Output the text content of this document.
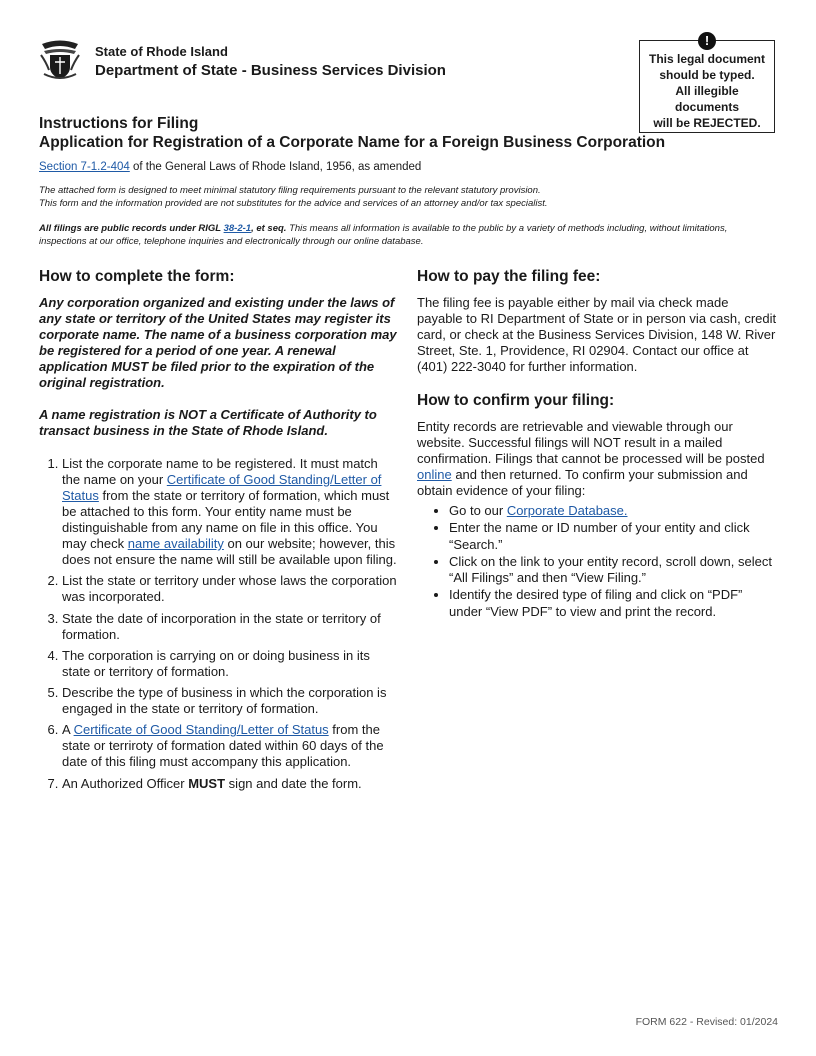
State of Rhode Island
Department of State - Business Services Division
!
This legal document
should be typed.
All illegible
documents
will be REJECTED.
Instructions for Filing
Application for Registration of a Corporate Name for a Foreign Business Corporation
Section 7-1.2-404 of the General Laws of Rhode Island, 1956, as amended
The attached form is designed to meet minimal statutory filing requirements pursuant to the relevant statutory provision.
This form and the information provided are not substitutes for the advice and services of an attorney and/or tax specialist.
All filings are public records under RIGL 38-2-1, et seq. This means all information is available to the public by a variety of methods including, without limitations, inspections at our office, telephone inquiries and electronically through our online database.
How to complete the form:

Any corporation organized and existing under the laws of any state or territory of the United States may register its corporate name. The name of a business corporation may be registered for a period of one year. A renewal application MUST be filed prior to the expiration of the original registration.

A name registration is NOT a Certificate of Authority to transact business in the State of Rhode Island.

1. List the corporate name to be registered. It must match the name on your Certificate of Good Standing/Letter of Status from the state or territory of formation, which must be attached to this form. Your entity name must be distinguishable from any name on file in this office. You may check name availability on our website; however, this does not ensure the name will still be available upon filing.
2. List the state or territory under whose laws the corporation was incorporated.
3. State the date of incorporation in the state or territory of formation.
4. The corporation is carrying on or doing business in its state or territory of formation.
5. Describe the type of business in which the corporation is engaged in the state or territory of formation.
6. A Certificate of Good Standing/Letter of Status from the state or terriroty of formation dated within 60 days of the date of this filing must accompany this application.
7. An Authorized Officer MUST sign and date the form.
How to pay the filing fee:

The filing fee is payable either by mail via check made payable to RI Department of State or in person via cash, credit card, or check at the Business Services Division, 148 W. River Street, Ste. 1, Providence, RI 02904. Contact our office at (401) 222-3040 for further information.

How to confirm your filing:

Entity records are retrievable and viewable through our website. Successful filings will NOT result in a mailed confirmation. Filings that cannot be processed will be posted online and then returned. To confirm your submission and obtain evidence of your filing:

• Go to our Corporate Database.
• Enter the name or ID number of your entity and click “Search.”
• Click on the link to your entity record, scroll down, select “All Filings” and then “View Filing.”
• Identify the desired type of filing and click on “PDF” under “View PDF” to view and print the record.
FORM 622 - Revised: 01/2024
